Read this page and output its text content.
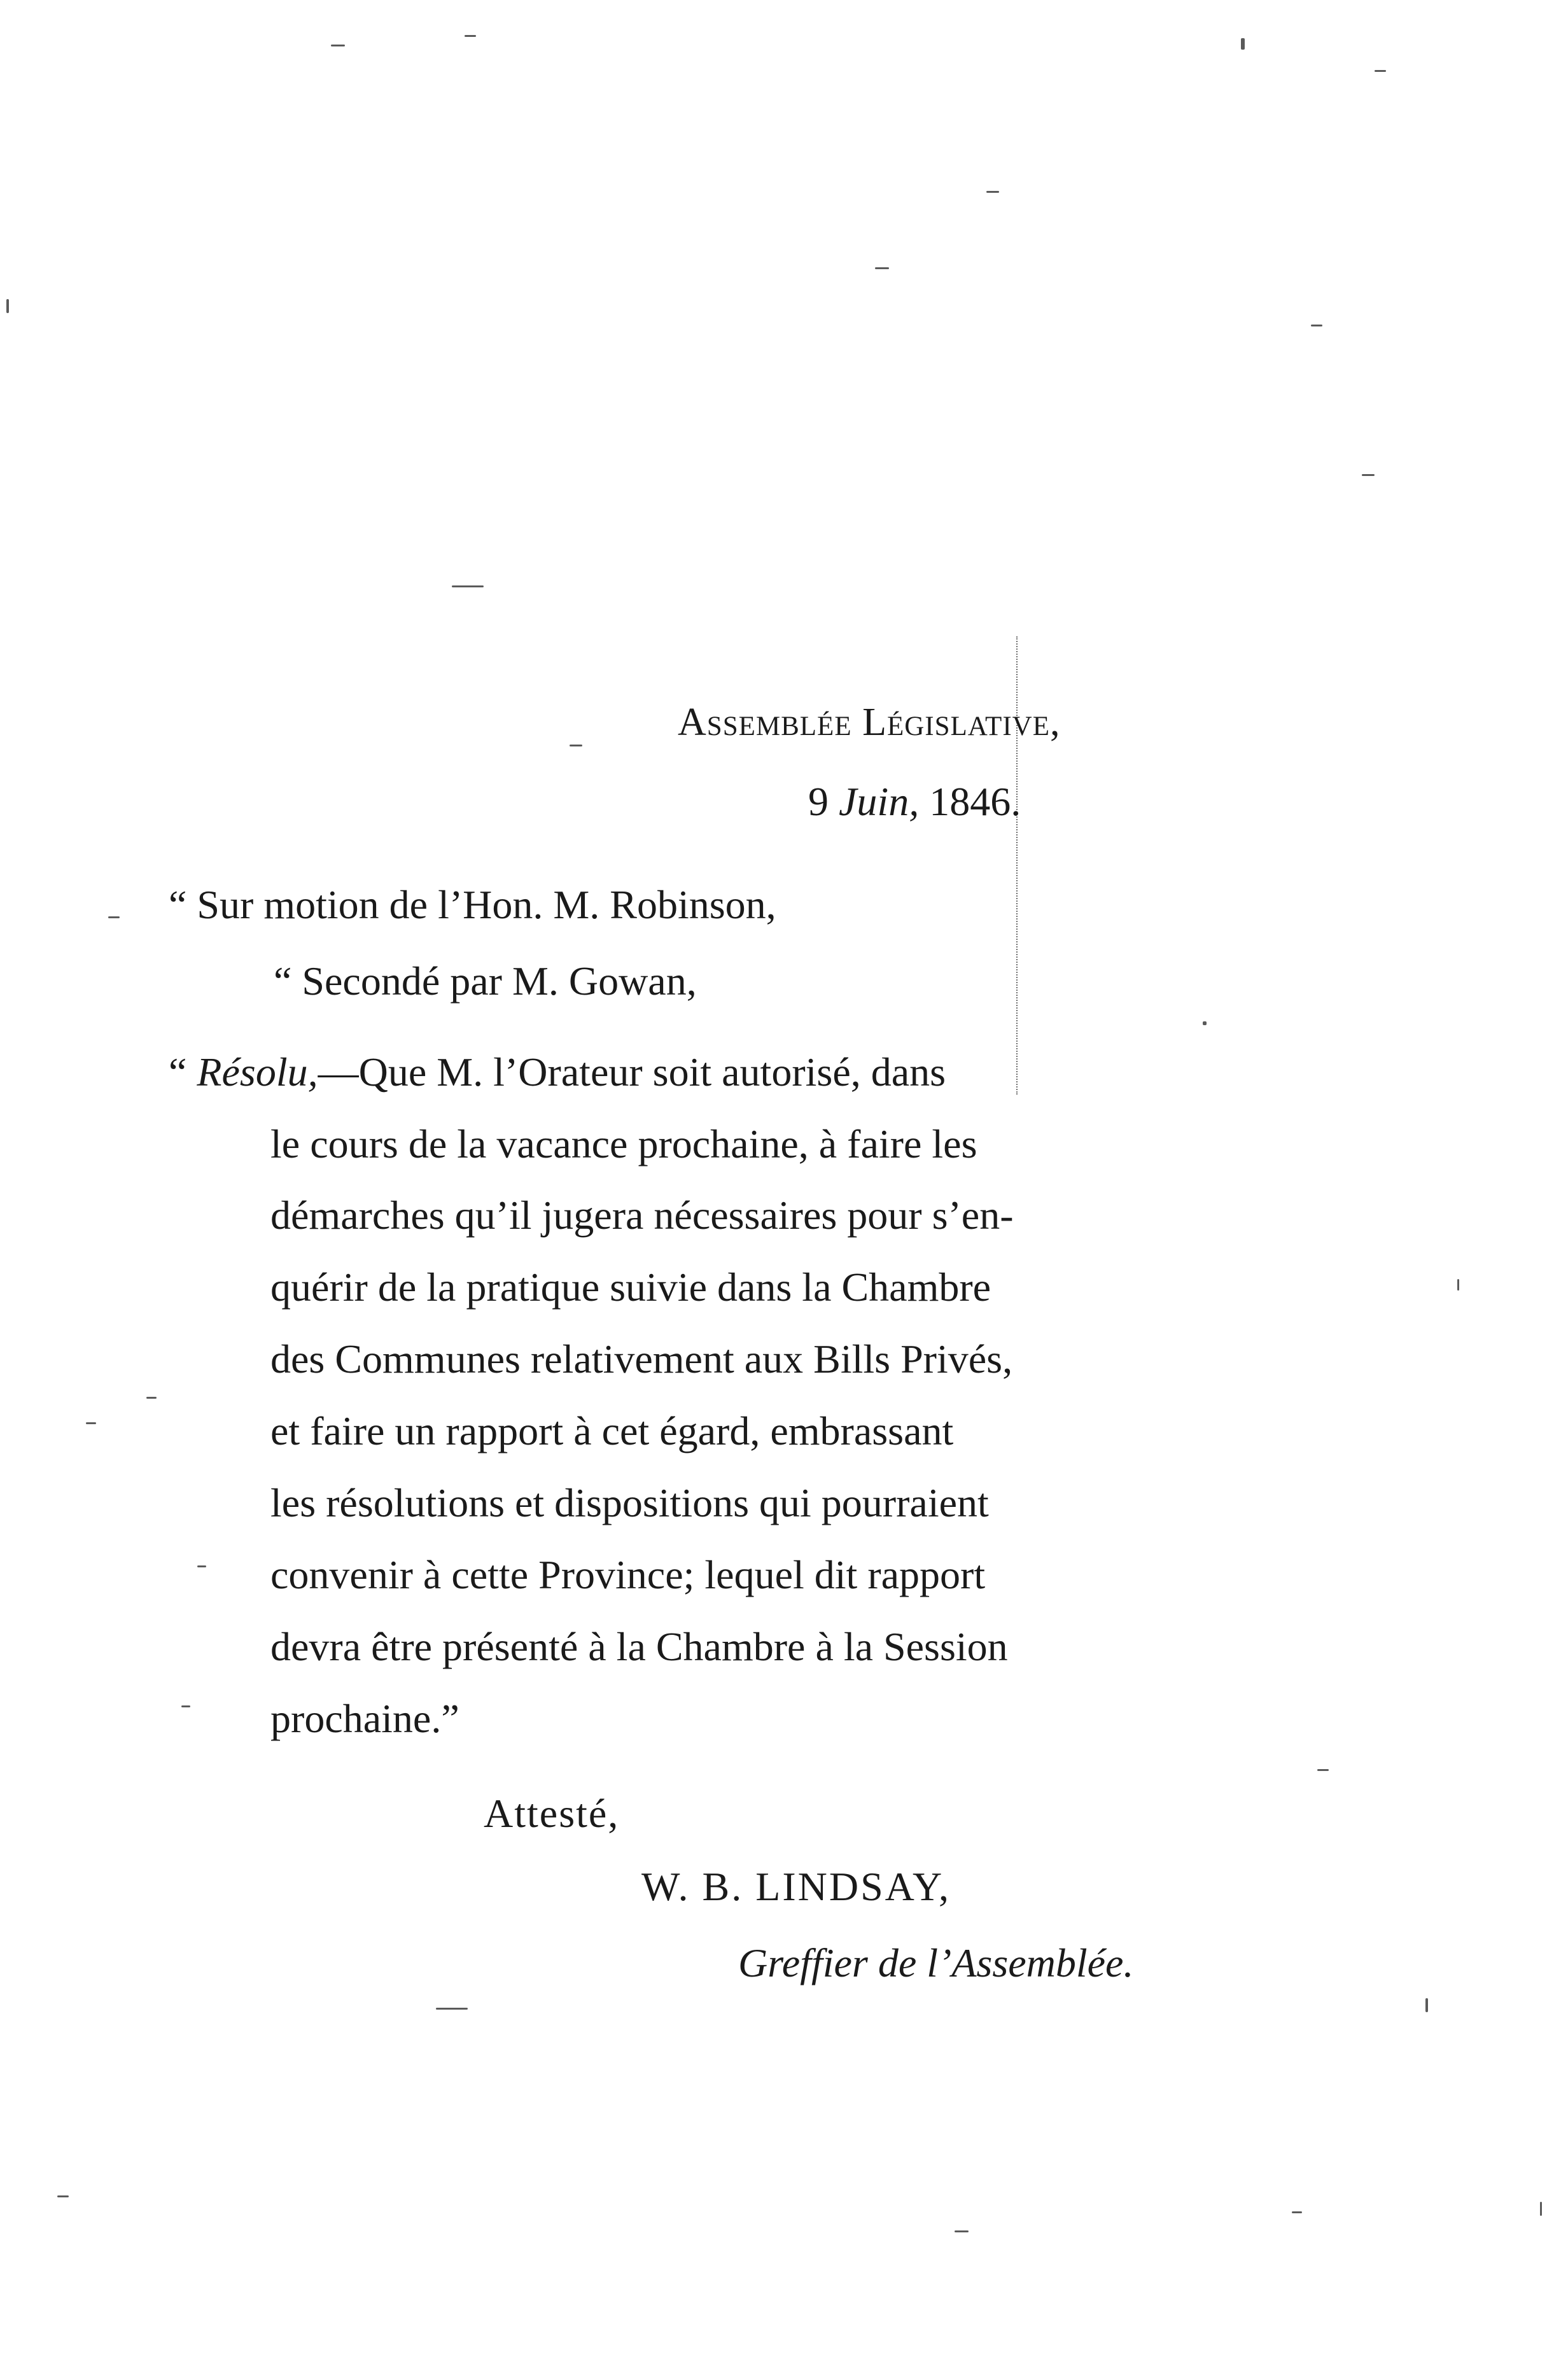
Assemblée Législative,
9 Juin, 1846.
“ Sur motion de l’Hon. M. Robinson,
“ Secondé par M. Gowan,
“ Résolu,—Que M. l’Orateur soit autorisé, dans
le cours de la vacance prochaine, à faire les
démarches qu’il jugera nécessaires pour s’en-
quérir de la pratique suivie dans la Chambre
des Communes relativement aux Bills Privés,
et faire un rapport à cet égard, embrassant
les résolutions et dispositions qui pourraient
convenir à cette Province; lequel dit rapport
devra être présenté à la Chambre à la Session
prochaine.”
Attesté,
W. B. LINDSAY,
Greffier de l’Assemblée.
